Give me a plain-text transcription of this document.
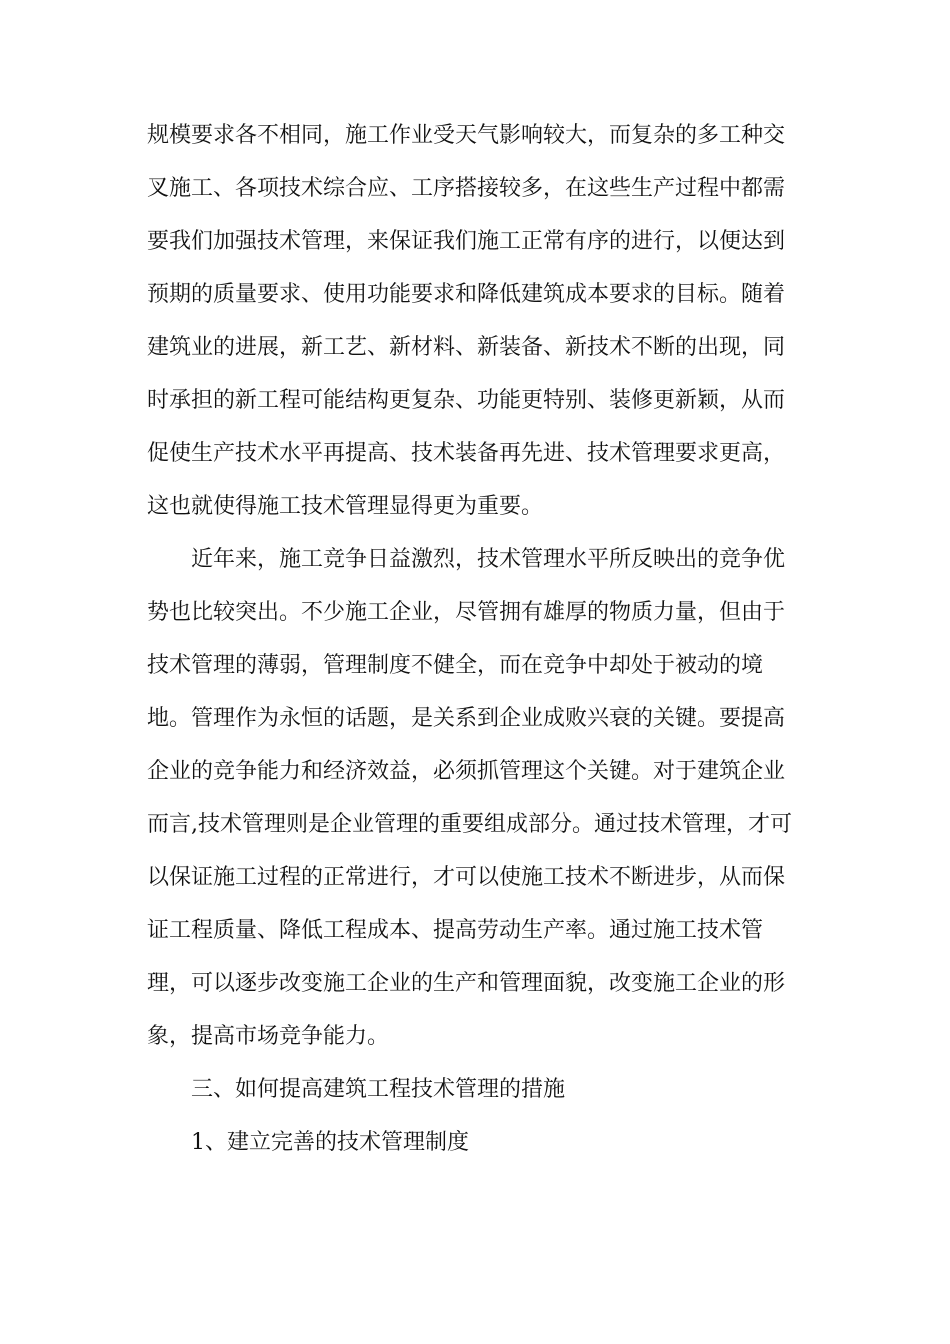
规模要求各不相同，施工作业受天气影响较大，而复杂的多工种交
叉施工、各项技术综合应、工序搭接较多，在这些生产过程中都需
要我们加强技术管理，来保证我们施工正常有序的进行，以便达到
预期的质量要求、使用功能要求和降低建筑成本要求的目标。随着
建筑业的进展，新工艺、新材料、新装备、新技术不断的出现，同
时承担的新工程可能结构更复杂、功能更特别、装修更新颖，从而
促使生产技术水平再提高、技术装备再先进、技术管理要求更高，
这也就使得施工技术管理显得更为重要。
近年来，施工竞争日益激烈，技术管理水平所反映出的竞争优
势也比较突出。不少施工企业，尽管拥有雄厚的物质力量，但由于
技术管理的薄弱，管理制度不健全，而在竞争中却处于被动的境
地。管理作为永恒的话题，是关系到企业成败兴衰的关键。要提高
企业的竞争能力和经济效益，必须抓管理这个关键。对于建筑企业
而言,技术管理则是企业管理的重要组成部分。通过技术管理，才可
以保证施工过程的正常进行，才可以使施工技术不断进步，从而保
证工程质量、降低工程成本、提高劳动生产率。通过施工技术管
理，可以逐步改变施工企业的生产和管理面貌，改变施工企业的形
象，提高市场竞争能力。
三、如何提高建筑工程技术管理的措施
1、建立完善的技术管理制度
